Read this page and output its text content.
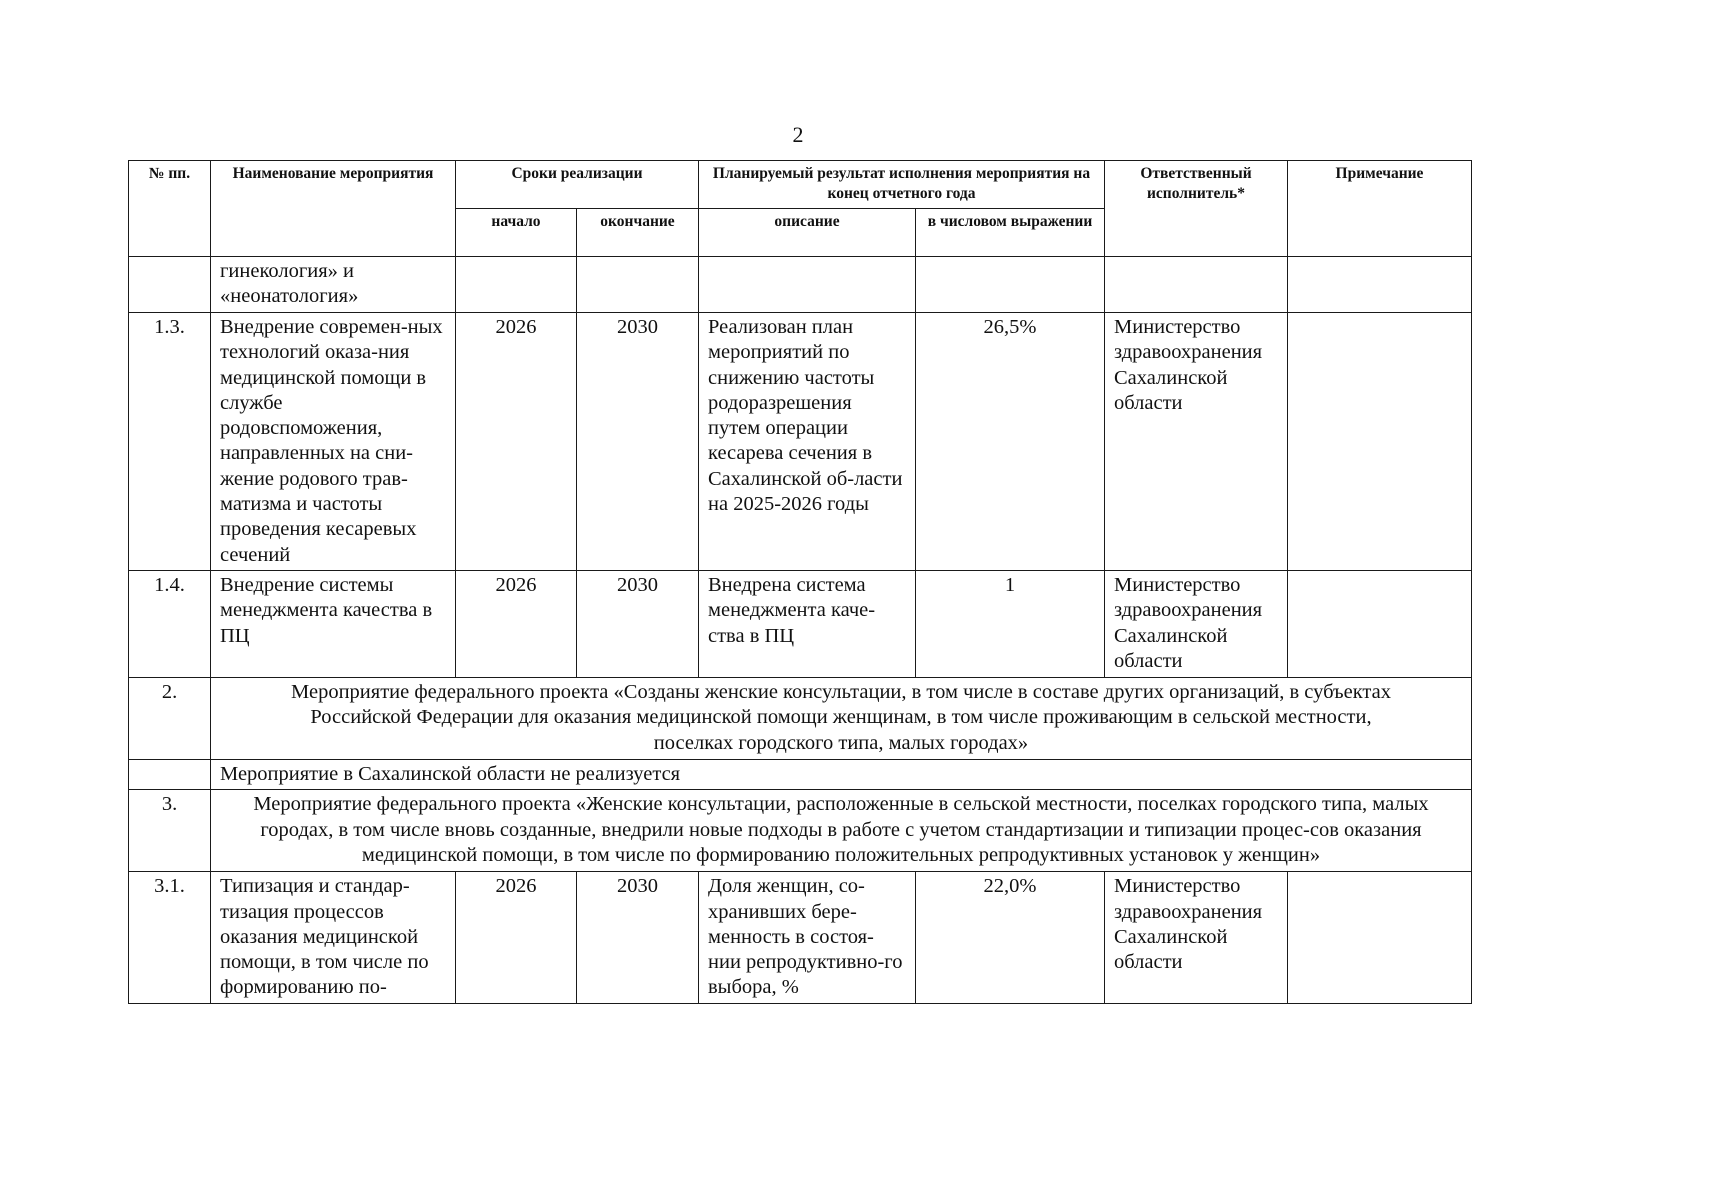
2
№ пп.	Наименование мероприятия	Сроки реализации		Планируемый результат исполнения мероприятия на конец отчетного года		Ответственный исполнитель*	Примечание
		начало	окончание	описание	в числовом выражении		
	гинекология» и «неонатология»						
1.3.	Внедрение современ-ных технологий оказа-ния медицинской помощи в службе родовспоможения, направленных на сни-жение родового трав-матизма и частоты проведения кесаревых сечений	2026	2030	Реализован план мероприятий по снижению частоты родоразрешения путем операции кесарева сечения в Сахалинской об-ласти на 2025-2026 годы	26,5%	Министерство здравоохранения Сахалинской области	
1.4.	Внедрение системы менеджмента качества в ПЦ	2026	2030	Внедрена система менеджмента каче-ства в ПЦ	1	Министерство здравоохранения Сахалинской области	
2.	Мероприятие федерального проекта «Созданы женские консультации, в том числе в составе других организаций, в субъектах Российской Федерации для оказания медицинской помощи женщинам, в том числе проживающим в сельской местности, поселках городского типа, малых городах»						
	Мероприятие в Сахалинской области не реализуется						
3.	Мероприятие федерального проекта «Женские консультации, расположенные в сельской местности, поселках городского типа, малых городах, в том числе вновь созданные, внедрили новые подходы в работе с учетом стандартизации и типизации процес-сов оказания медицинской помощи, в том числе по формированию положительных репродуктивных установок у женщин»						
3.1.	Типизация и стандар-тизация процессов оказания медицинской помощи, в том числе по формированию по-	2026	2030	Доля женщин, со-хранивших бере-менность в состоя-нии репродуктивно-го выбора, %	22,0%	Министерство здравоохранения Сахалинской области	
